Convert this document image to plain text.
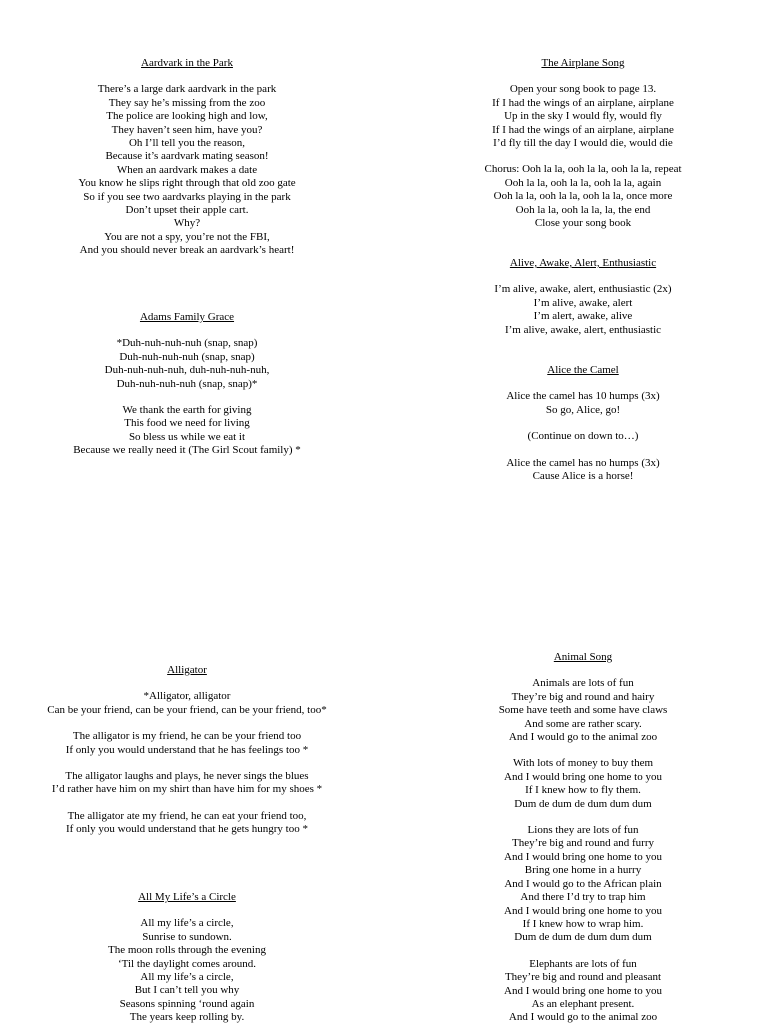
Aardvark in the Park

There’s a large dark aardvark in the park
They say he’s missing from the zoo
The police are looking high and low,
They haven’t seen him, have you?
Oh I’ll tell you the reason,
Because it’s aardvark mating season!
When an aardvark makes a date
You know he slips right through that old zoo gate
So if you see two aardvarks playing in the park
Don’t upset their apple cart.
Why?
You are not a spy, you’re not the FBI,
And you should never break an aardvark’s heart!

Adams Family Grace

*Duh-nuh-nuh-nuh (snap, snap)
Duh-nuh-nuh-nuh (snap, snap)
Duh-nuh-nuh-nuh, duh-nuh-nuh-nuh,
Duh-nuh-nuh-nuh (snap, snap)*

We thank the earth for giving
This food we need for living
So bless us while we eat it
Because we really need it (The Girl Scout family) *

The Airplane Song

Open your song book to page 13.
If I had the wings of an airplane, airplane
Up in the sky I would fly, would fly
If I had the wings of an airplane, airplane
I’d fly till the day I would die, would die

Chorus: Ooh la la, ooh la la, ooh la la, repeat
Ooh la la, ooh la la, ooh la la, again
Ooh la la, ooh la la, ooh la la, once more
Ooh la la, ooh la la, la, the end
Close your song book

Alive, Awake, Alert, Enthusiastic

I’m alive, awake, alert, enthusiastic (2x)
I’m alive, awake, alert
I’m alert, awake, alive
I’m alive, awake, alert, enthusiastic

Alice the Camel

Alice the camel has 10 humps (3x)
So go, Alice, go!

(Continue on down to…)

Alice the camel has no humps (3x)
Cause Alice is a horse!

Alligator

*Alligator, alligator
Can be your friend, can be your friend, can be your friend, too*

The alligator is my friend, he can be your friend too
If only you would understand that he has feelings too *

The alligator laughs and plays, he never sings the blues
I’d rather have him on my shirt than have him for my shoes *

The alligator ate my friend, he can eat your friend too,
If only you would understand that he gets hungry too *

All My Life’s a Circle

All my life’s a circle,
Sunrise to sundown.
The moon rolls through the evening
‘Til the daylight comes around.
All my life’s a circle,
But I can’t tell you why
Seasons spinning ‘round again
The years keep rolling by.

Animal Song

Animals are lots of fun
They’re big and round and hairy
Some have teeth and some have claws
And some are rather scary.
And I would go to the animal zoo

With lots of money to buy them
And I would bring one home to you
If I knew how to fly them.
Dum de dum de dum dum dum

Lions they are lots of fun
They’re big and round and furry
And I would bring one home to you
Bring one home in a hurry
And I would go to the African plain
And there I’d try to trap him
And I would bring one home to you
If I knew how to wrap him.
Dum de dum de dum dum dum

Elephants are lots of fun
They’re big and round and pleasant
And I would bring one home to you
As an elephant present.
And I would go to the animal zoo
